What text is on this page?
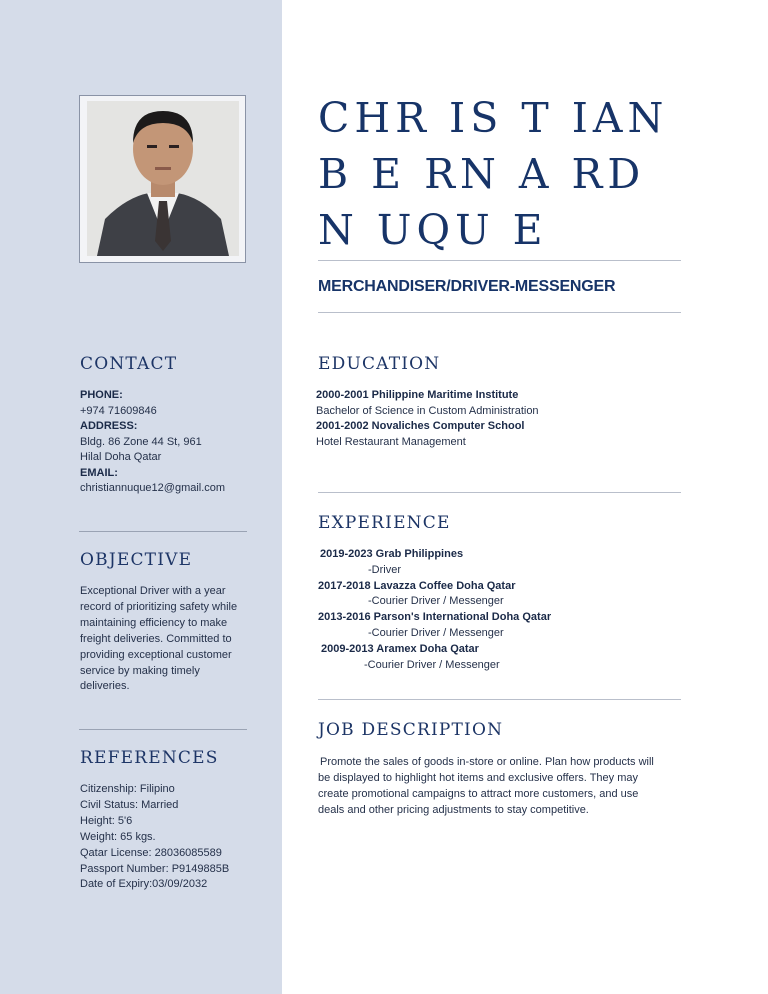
CHR IS T IAN
B E RN A RD
N UQU E
MERCHANDISER/DRIVER-MESSENGER
CONTACT
PHONE:
+974 71609846
ADDRESS:
Bldg. 86 Zone 44 St, 961
Hilal Doha Qatar
EMAIL:
christiannuque12@gmail.com
OBJECTIVE
Exceptional Driver with a year
record of prioritizing safety while
maintaining efficiency to make
freight deliveries. Committed to
providing exceptional customer
service by making timely
deliveries.
REFERENCES
Citizenship: Filipino
Civil Status: Married
Height: 5'6
Weight: 65 kgs.
Qatar License: 28036085589
Passport Number: P9149885B
Date of Expiry:03/09/2032
EDUCATION
2000-2001 Philippine Maritime Institute
Bachelor of Science in Custom Administration
2001-2002 Novaliches Computer School
Hotel Restaurant Management
EXPERIENCE
2019-2023 Grab Philippines
-Driver
2017-2018 Lavazza Coffee Doha Qatar
-Courier Driver / Messenger
2013-2016 Parson's International Doha Qatar
-Courier Driver / Messenger
2009-2013 Aramex Doha Qatar
-Courier Driver / Messenger
JOB DESCRIPTION
Promote the sales of goods in-store or online. Plan how products will
be displayed to highlight hot items and exclusive offers. They may
create promotional campaigns to attract more customers, and use
deals and other pricing adjustments to stay competitive.
